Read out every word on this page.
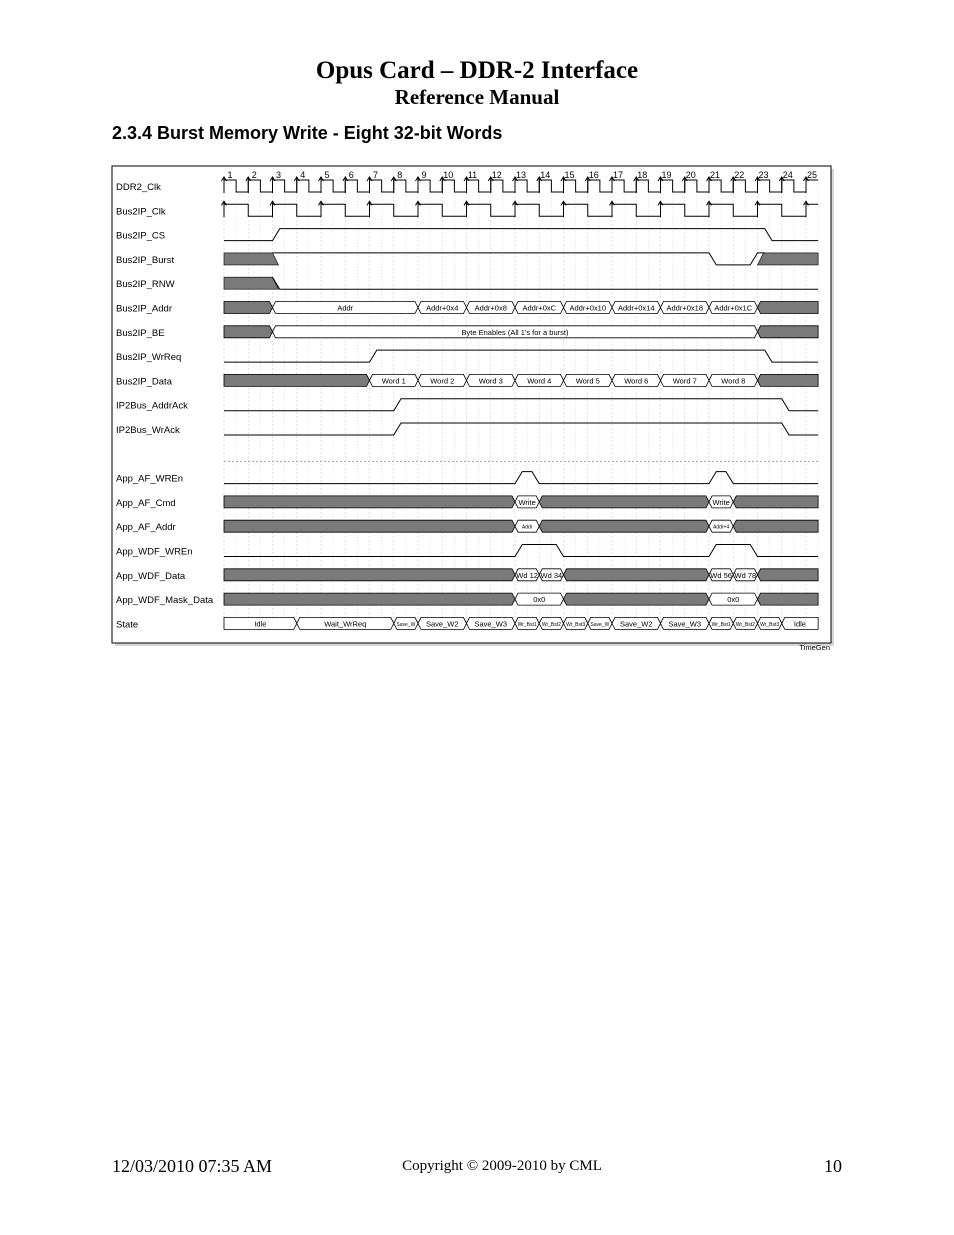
Opus Card – DDR-2 Interface
Reference Manual
2.3.4 Burst Memory Write - Eight 32-bit Words
1 2 3 4 5 6 7 8 9 10 11 12 13 14 15 16 17 18 19 20 21 22 23 24 25
DDR2_Clk
Bus2IP_Clk
Bus2IP_CS
Bus2IP_Burst
Bus2IP_RNW
Bus2IP_Addr	Addr	Addr+0x4 Addr+0x8 Addr+0xC Addr+0x10 Addr+0x14 Addr+0x18 Addr+0x1C
Bus2IP_BE	Byte Enables (All 1's for a burst)
Bus2IP_WrReq
Bus2IP_Data	Word 1	Word 2	Word 3	Word 4	Word 5	Word 6	Word 7	Word 8
IP2Bus_AddrAck
IP2Bus_WrAck
App_AF_WREn
App_AF_Cmd	Write	Write
App_AF_Addr	Addr	Addr+4
App_WDF_WREn
App_WDF_Data	Wd 12 Wd 34	Wd 56 Wd 78
App_WDF_Mask_Data	0x0	0x0
State	Idle	Wait_WrReq	Save_W Save_W2 Save_W3 Wr_Bst1 Wr_Bst2 Wr_Bst3 Save_W Save_W2 Save_W3 Wr_Bst1 Wr_Bst2 Wr_Bst3 Idle
TimeGen
12/03/2010 07:35 AM	Copyright © 2009-2010 by CML	10
